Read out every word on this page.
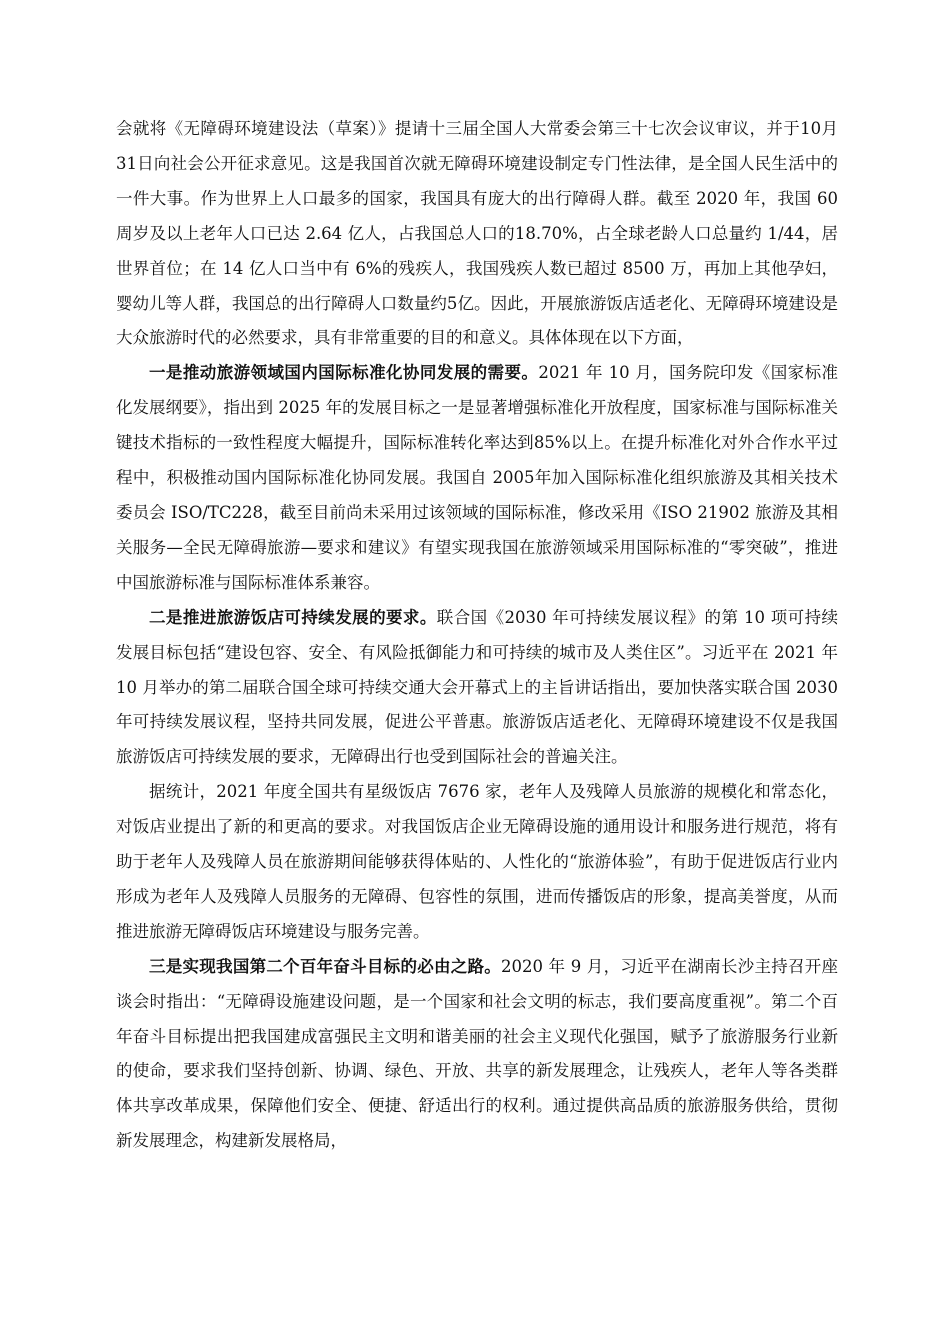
会就将《无障碍环境建设法（草案）》提请十三届全国人大常委会第三十七次会议审议，并于10月31日向社会公开征求意见。这是我国首次就无障碍环境建设制定专门性法律，是全国人民生活中的一件大事。作为世界上人口最多的国家，我国具有庞大的出行障碍人群。截至 2020 年，我国 60 周岁及以上老年人口已达 2.64 亿人，占我国总人口的18.70%，占全球老龄人口总量约 1/44，居世界首位；在 14 亿人口当中有 6%的残疾人，我国残疾人数已超过 8500 万，再加上其他孕妇，婴幼儿等人群，我国总的出行障碍人口数量约5亿。因此，开展旅游饭店适老化、无障碍环境建设是大众旅游时代的必然要求，具有非常重要的目的和意义。具体体现在以下方面，

一是推动旅游领域国内国际标准化协同发展的需要。2021 年 10 月，国务院印发《国家标准化发展纲要》，指出到 2025 年的发展目标之一是显著增强标准化开放程度，国家标准与国际标准关键技术指标的一致性程度大幅提升，国际标准转化率达到85%以上。在提升标准化对外合作水平过程中，积极推动国内国际标准化协同发展。我国自 2005年加入国际标准化组织旅游及其相关技术委员会 ISO/TC228，截至目前尚未采用过该领域的国际标准，修改采用《ISO 21902 旅游及其相关服务—全民无障碍旅游—要求和建议》有望实现我国在旅游领域采用国际标准的“零突破”，推进中国旅游标准与国际标准体系兼容。

二是推进旅游饭店可持续发展的要求。联合国《2030 年可持续发展议程》的第 10 项可持续发展目标包括“建设包容、安全、有风险抵御能力和可持续的城市及人类住区”。习近平在 2021 年 10 月举办的第二届联合国全球可持续交通大会开幕式上的主旨讲话指出，要加快落实联合国 2030 年可持续发展议程，坚持共同发展，促进公平普惠。旅游饭店适老化、无障碍环境建设不仅是我国旅游饭店可持续发展的要求，无障碍出行也受到国际社会的普遍关注。

据统计，2021 年度全国共有星级饭店 7676 家，老年人及残障人员旅游的规模化和常态化，对饭店业提出了新的和更高的要求。对我国饭店企业无障碍设施的通用设计和服务进行规范，将有助于老年人及残障人员在旅游期间能够获得体贴的、人性化的“旅游体验”，有助于促进饭店行业内形成为老年人及残障人员服务的无障碍、包容性的氛围，进而传播饭店的形象，提高美誉度，从而推进旅游无障碍饭店环境建设与服务完善。

三是实现我国第二个百年奋斗目标的必由之路。2020 年 9 月，习近平在湖南长沙主持召开座谈会时指出：“无障碍设施建设问题，是一个国家和社会文明的标志，我们要高度重视”。第二个百年奋斗目标提出把我国建成富强民主文明和谐美丽的社会主义现代化强国，赋予了旅游服务行业新的使命，要求我们坚持创新、协调、绿色、开放、共享的新发展理念，让残疾人，老年人等各类群体共享改革成果，保障他们安全、便捷、舒适出行的权利。通过提供高品质的旅游服务供给，贯彻新发展理念，构建新发展格局，
